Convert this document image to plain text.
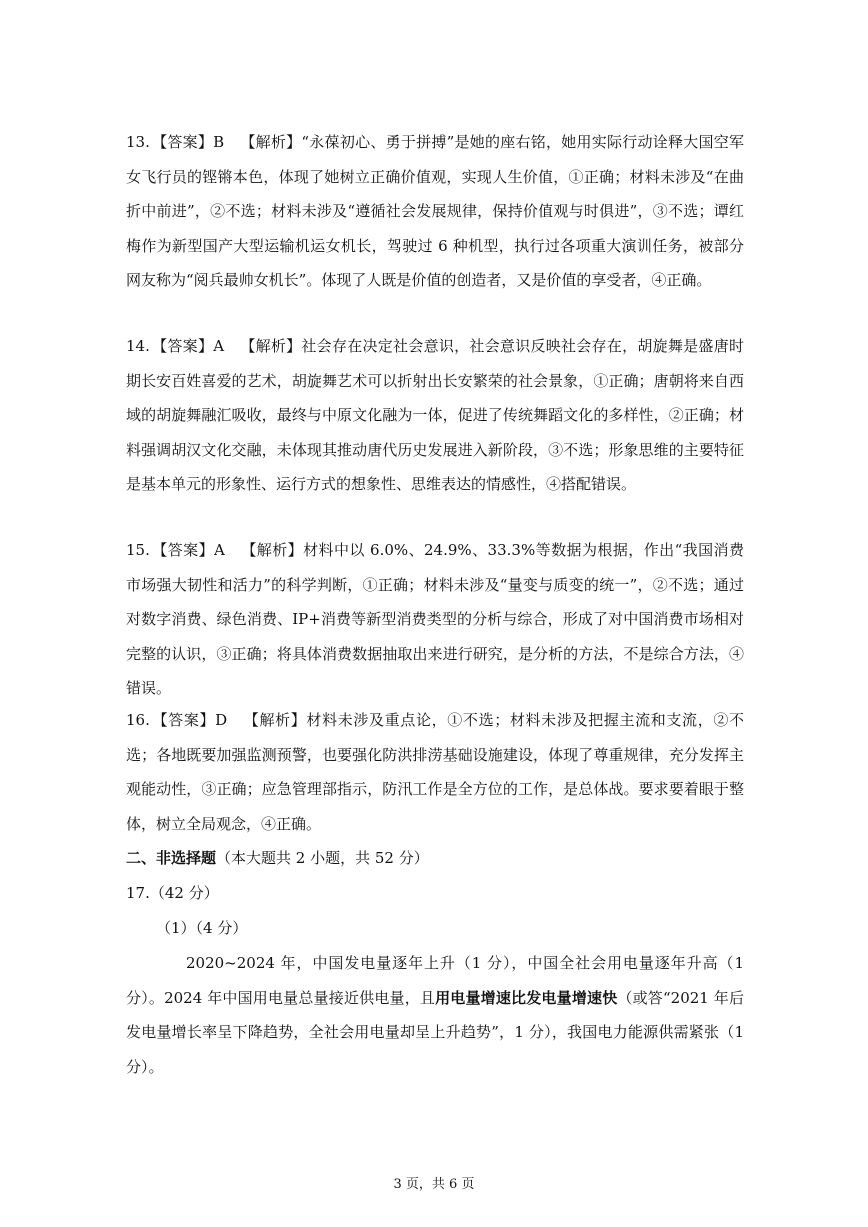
13. 【答案】B 【解析】“永葆初心、勇于拼搏”是她的座右铭，她用实际行动诠释大国空军女飞行员的铿锵本色，体现了她树立正确价值观，实现人生价值，①正确；材料未涉及“在曲折中前进”，②不选；材料未涉及“遵循社会发展规律，保持价值观与时俱进”，③不选；谭红梅作为新型国产大型运输机运女机长，驾驶过 6 种机型，执行过各项重大演训任务，被部分网友称为“阅兵最帅女机长”。体现了人既是价值的创造者，又是价值的享受者，④正确。

14. 【答案】A 【解析】社会存在决定社会意识，社会意识反映社会存在，胡旋舞是盛唐时期长安百姓喜爱的艺术，胡旋舞艺术可以折射出长安繁荣的社会景象，①正确；唐朝将来自西域的胡旋舞融汇吸收，最终与中原文化融为一体，促进了传统舞蹈文化的多样性，②正确；材料强调胡汉文化交融，未体现其推动唐代历史发展进入新阶段，③不选；形象思维的主要特征是基本单元的形象性、运行方式的想象性、思维表达的情感性，④搭配错误。

15. 【答案】A 【解析】材料中以 6.0%、24.9%、33.3%等数据为根据，作出“我国消费市场强大韧性和活力”的科学判断，①正确；材料未涉及“量变与质变的统一”，②不选；通过对数字消费、绿色消费、IP+消费等新型消费类型的分析与综合，形成了对中国消费市场相对完整的认识，③正确；将具体消费数据抽取出来进行研究，是分析的方法，不是综合方法，④错误。

16. 【答案】D 【解析】材料未涉及重点论，①不选；材料未涉及把握主流和支流，②不选；各地既要加强监测预警，也要强化防洪排涝基础设施建设，体现了尊重规律，充分发挥主观能动性，③正确；应急管理部指示，防汛工作是全方位的工作，是总体战。要求要着眼于整体，树立全局观念，④正确。

二、非选择题（本大题共 2 小题，共 52 分）

17.（42 分）

（1）（4 分）

2020~2024 年，中国发电量逐年上升（1 分），中国全社会用电量逐年升高（1 分）。2024 年中国用电量总量接近供电量，且用电量增速比发电量增速快（或答“2021 年后发电量增长率呈下降趋势，全社会用电量却呈上升趋势”，1 分），我国电力能源供需紧张（1 分）。

3 页，共 6 页
